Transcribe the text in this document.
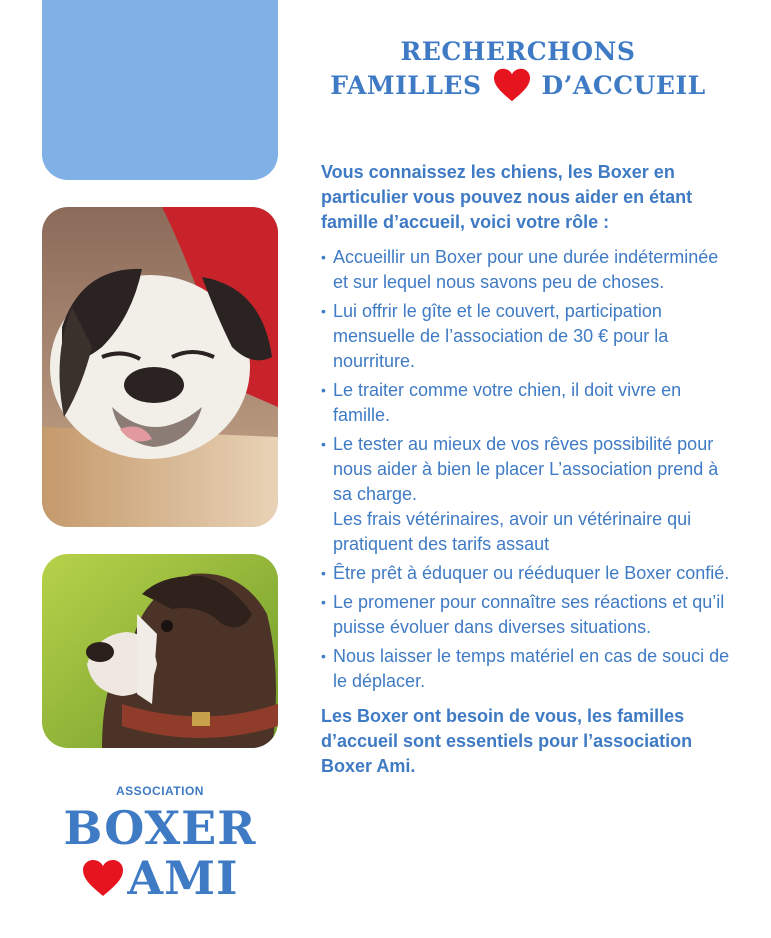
ASSOCIATION
BOXER
AMI
RECHERCHONS
FAMILLES D’ACCUEIL

Vous connaissez les chiens, les Boxer en particulier vous pouvez nous aider en étant famille d’accueil, voici votre rôle :

• Accueillir un Boxer pour une durée indéterminée et sur lequel nous savons peu de choses.
• Lui offrir le gîte et le couvert, participation mensuelle de l’association de 30 € pour la nourriture.
• Le traiter comme votre chien, il doit vivre en famille.
• Le tester au mieux de vos rêves possibilité pour nous aider à bien le placer L’association prend à sa charge.
Les frais vétérinaires, avoir un vétérinaire qui pratiquent des tarifs assaut
• Être prêt à éduquer ou rééduquer le Boxer confié.
• Le promener pour connaître ses réactions et qu’il puisse évoluer dans diverses situations.
• Nous laisser le temps matériel en cas de souci de le déplacer.

Les Boxer ont besoin de vous, les familles d’accueil sont essentiels pour l’association Boxer Ami.
